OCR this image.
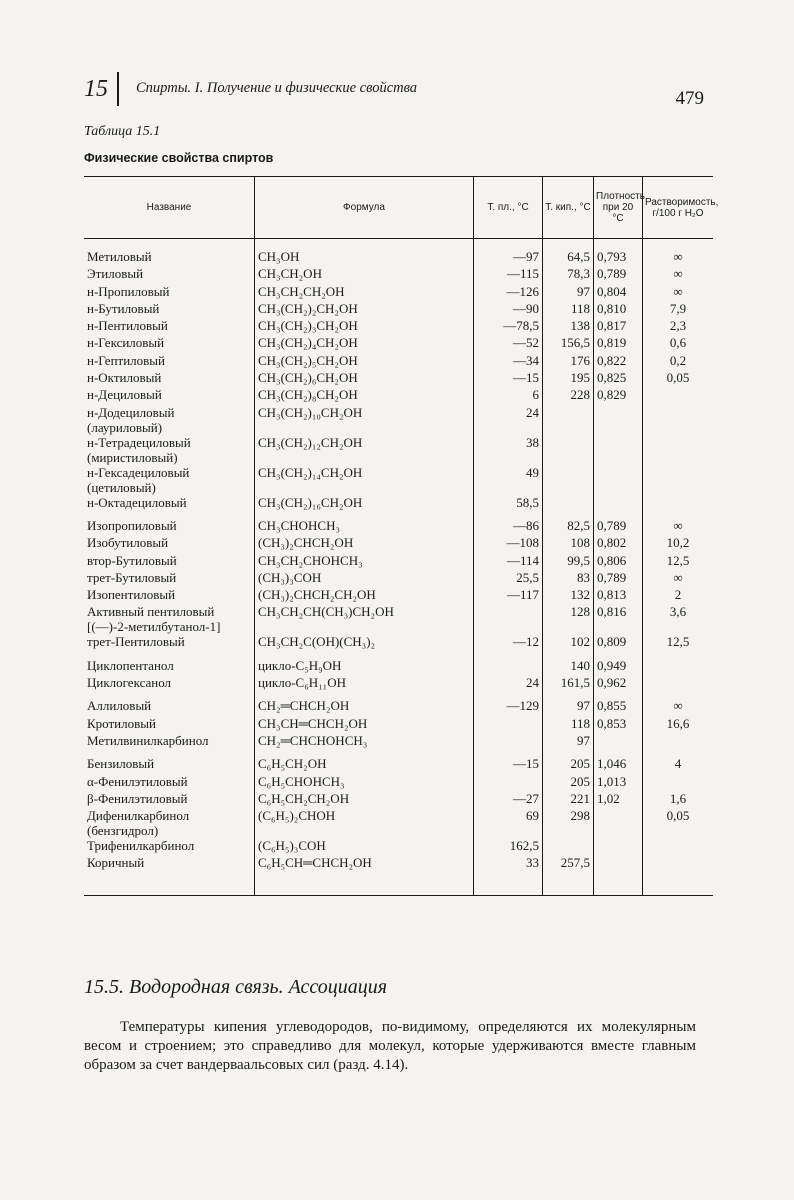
15 Спирты. I. Получение и физические свойства	479
Таблица 15.1
Физические свойства спиртов
Название	Формула	Т. пл., °С	Т. кип., °С	Плотность при 20 °С	Растворимость, г/100 г H₂O
Метиловый	CH₃OH	—97	64,5	0,793	∞
Этиловый	CH₃CH₂OH	—115	78,3	0,789	∞
н-Пропиловый	CH₃CH₂CH₂OH	—126	97	0,804	∞
н-Бутиловый	CH₃(CH₂)₂CH₂OH	—90	118	0,810	7,9
н-Пентиловый	CH₃(CH₂)₃CH₂OH	—78,5	138	0,817	2,3
н-Гексиловый	CH₃(CH₂)₄CH₂OH	—52	156,5	0,819	0,6
н-Гептиловый	CH₃(CH₂)₅CH₂OH	—34	176	0,822	0,2
н-Октиловый	CH₃(CH₂)₆CH₂OH	—15	195	0,825	0,05
н-Дециловый	CH₃(CH₂)₈CH₂OH	6	228	0,829	
н-Додециловый (лауриловый)	CH₃(CH₂)₁₀CH₂OH	24			
н-Тетрадециловый (миристиловый)	CH₃(CH₂)₁₂CH₂OH	38			
н-Гексадециловый (цетиловый)	CH₃(CH₂)₁₄CH₂OH	49			
н-Октадециловый	CH₃(CH₂)₁₆CH₂OH	58,5			

Изопропиловый	CH₃CHOHCH₃	—86	82,5	0,789	∞
Изобутиловый	(CH₃)₂CHCH₂OH	—108	108	0,802	10,2
втор-Бутиловый	CH₃CH₂CHOHCH₃	—114	99,5	0,806	12,5
трет-Бутиловый	(CH₃)₃COH	25,5	83	0,789	∞
Изопентиловый	(CH₃)₂CHCH₂CH₂OH	—117	132	0,813	2
Активный пентиловый [(—)-2-метилбутанол-1]	CH₃CH₂CH(CH₃)CH₂OH		128	0,816	3,6
трет-Пентиловый	CH₃CH₂C(OH)(CH₃)₂	—12	102	0,809	12,5

Циклопентанол	цикло-C₅H₉OH		140	0,949	
Циклогексанол	цикло-C₆H₁₁OH	24	161,5	0,962	

Аллиловый	CH₂═CHCH₂OH	—129	97	0,855	∞
Кротиловый	CH₃CH═CHCH₂OH		118	0,853	16,6
Метилвинилкарбинол	CH₂═CHCHOHCH₃		97		

Бензиловый	C₆H₅CH₂OH	—15	205	1,046	4
α-Фенилэтиловый	C₆H₅CHOHCH₃		205	1,013	
β-Фенилэтиловый	C₆H₅CH₂CH₂OH	—27	221	1,02	1,6
Дифенилкарбинол (бензгидрол)	(C₆H₅)₂CHOH	69	298		0,05
Трифенилкарбинол	(C₆H₅)₃COH	162,5			
Коричный	C₆H₅CH═CHCH₂OH	33	257,5		
15.5. Водородная связь. Ассоциация

Температуры кипения углеводородов, по-видимому, определяются их молекулярным весом и строением; это справедливо для молекул, которые удерживаются вместе главным образом за счет вандерваальсовых сил (разд. 4.14).
